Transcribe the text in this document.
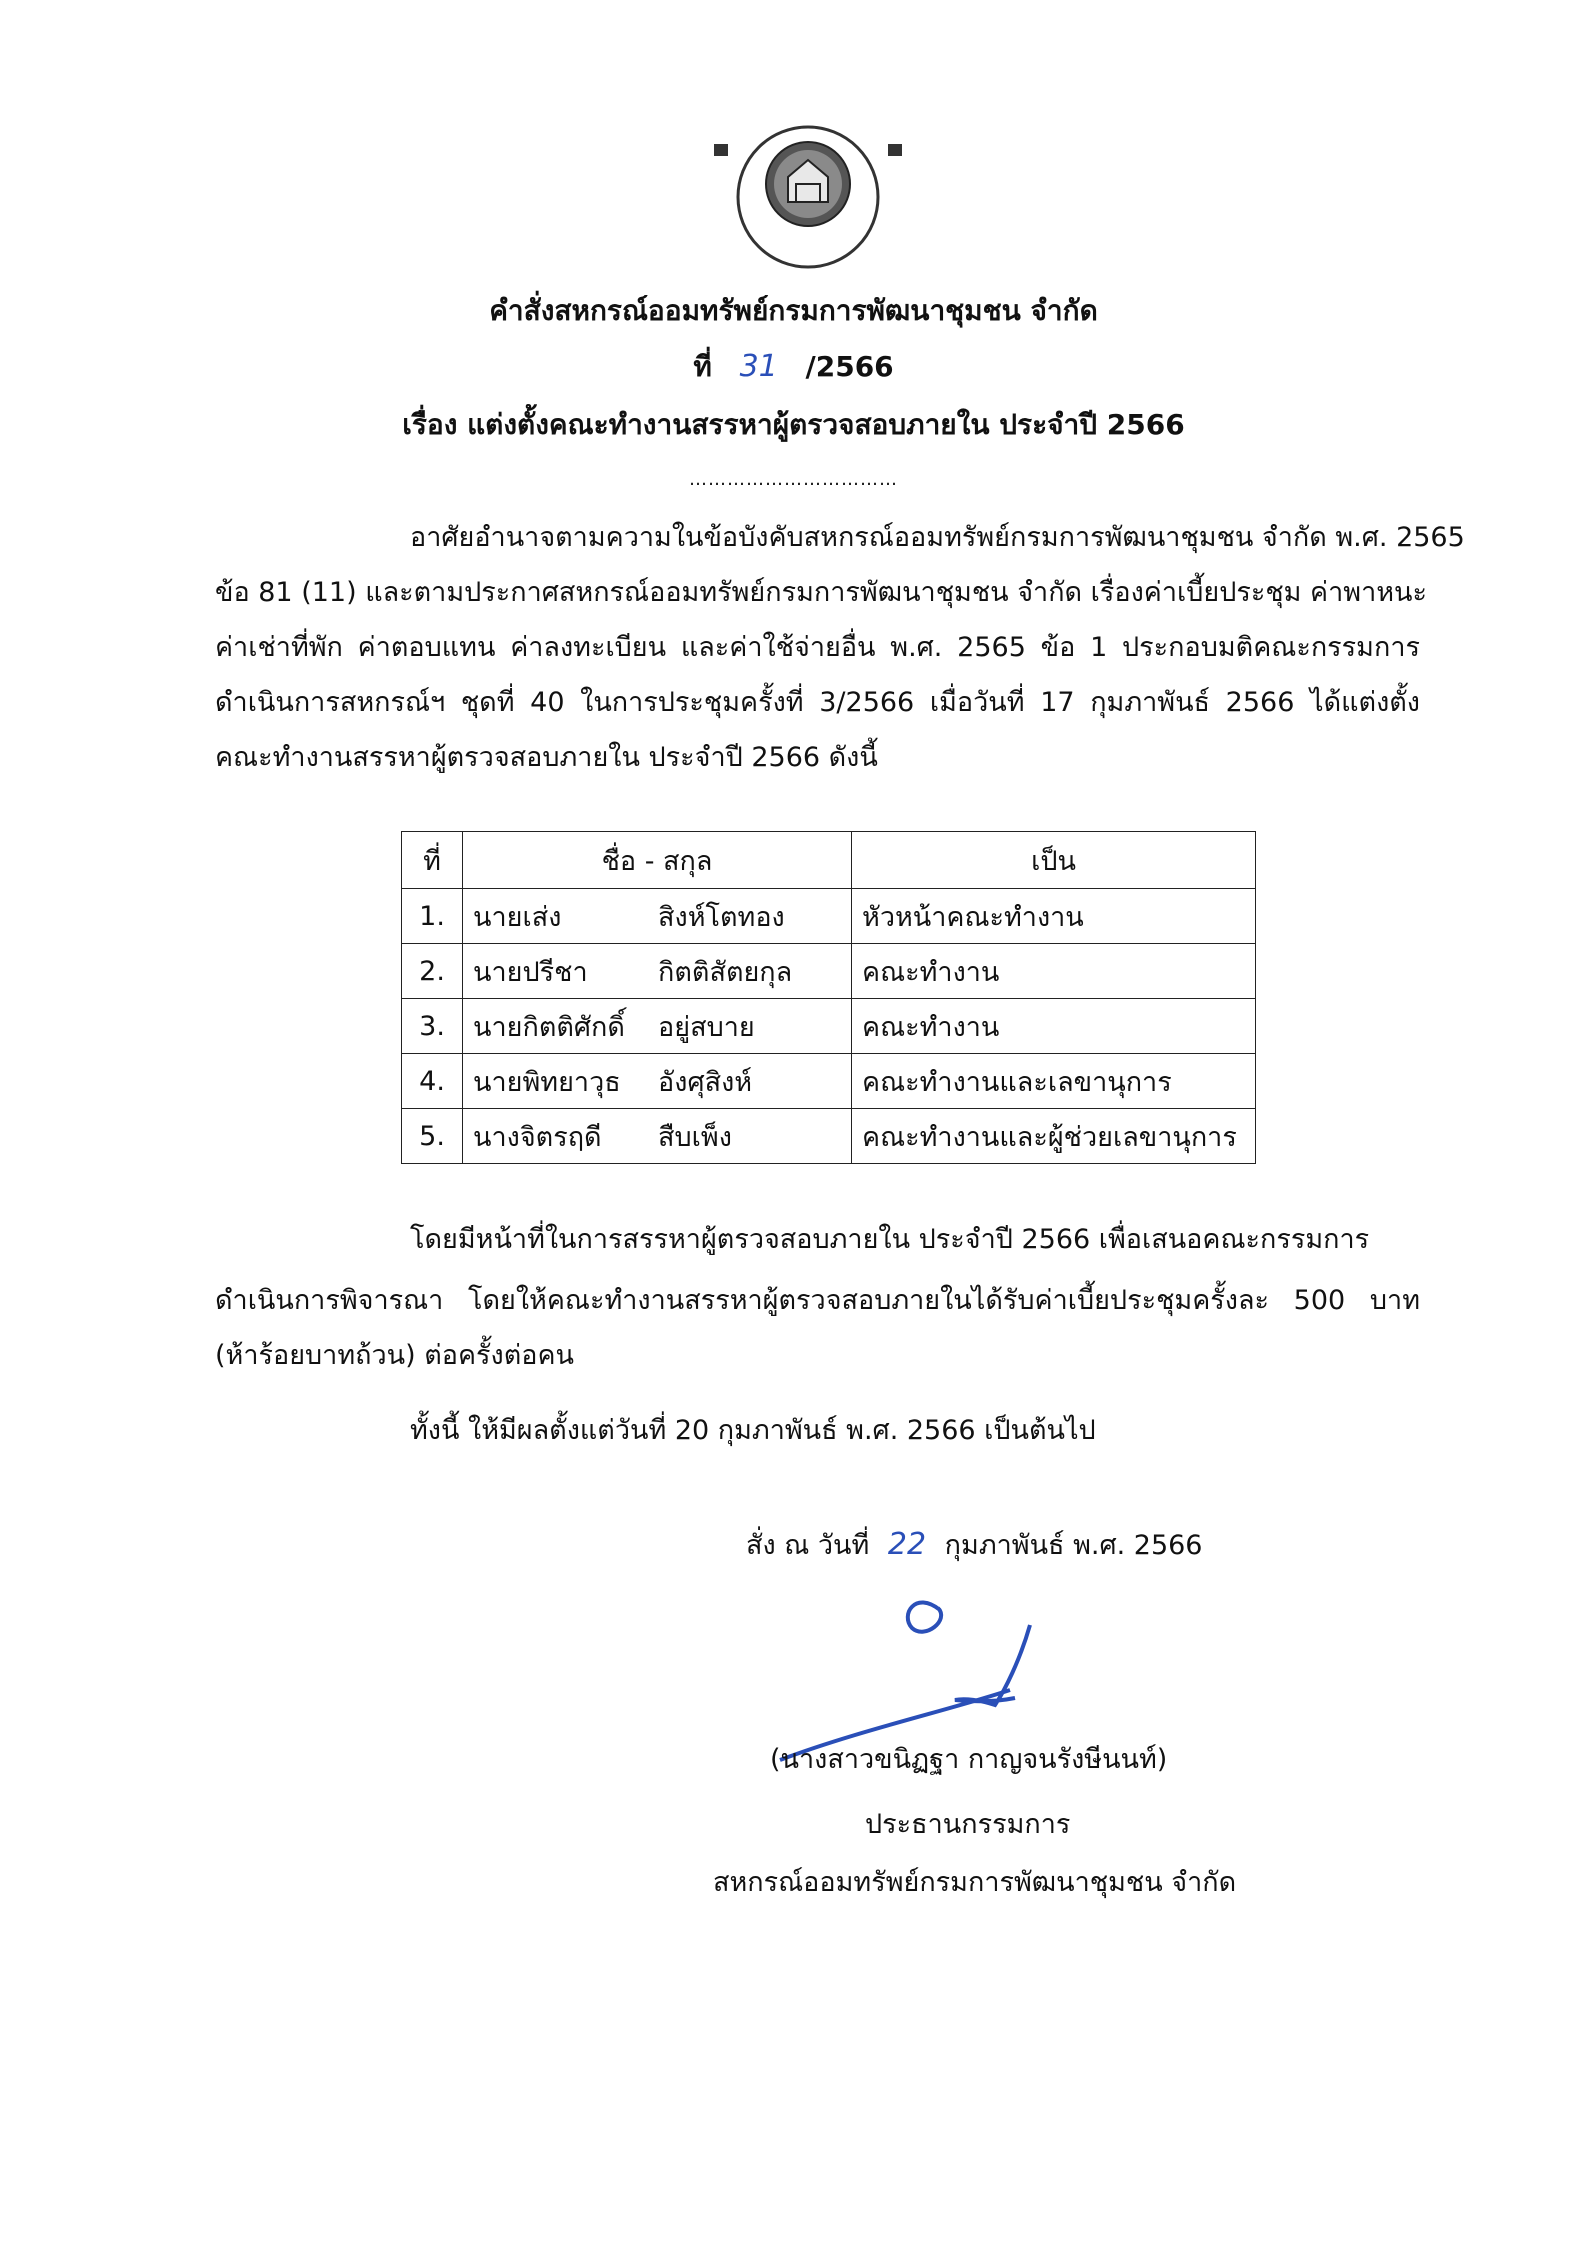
คำสั่งสหกรณ์ออมทรัพย์กรมการพัฒนาชุมชน จำกัด
ที่ 31 /2566
เรื่อง แต่งตั้งคณะทำงานสรรหาผู้ตรวจสอบภายใน ประจำปี 2566
……………………………
อาศัยอำนาจตามความในข้อบังคับสหกรณ์ออมทรัพย์กรมการพัฒนาชุมชน จำกัด พ.ศ. 2565
ข้อ 81 (11) และตามประกาศสหกรณ์ออมทรัพย์กรมการพัฒนาชุมชน จำกัด เรื่องค่าเบี้ยประชุม ค่าพาหนะ
ค่าเช่าที่พัก ค่าตอบแทน ค่าลงทะเบียน และค่าใช้จ่ายอื่น พ.ศ. 2565 ข้อ 1 ประกอบมติคณะกรรมการ
ดำเนินการสหกรณ์ฯ ชุดที่ 40 ในการประชุมครั้งที่ 3/2566 เมื่อวันที่ 17 กุมภาพันธ์ 2566 ได้แต่งตั้ง
คณะทำงานสรรหาผู้ตรวจสอบภายใน ประจำปี 2566 ดังนี้
ที่	ชื่อ - สกุล	เป็น
1.	นายเส่ง สิงห์โตทอง	หัวหน้าคณะทำงาน
2.	นายปรีชา กิตติสัตยกุล	คณะทำงาน
3.	นายกิตติศักดิ์ อยู่สบาย	คณะทำงาน
4.	นายพิทยาวุธ อังศุสิงห์	คณะทำงานและเลขานุการ
5.	นางจิตรฤดี สืบเพ็ง	คณะทำงานและผู้ช่วยเลขานุการ
โดยมีหน้าที่ในการสรรหาผู้ตรวจสอบภายใน ประจำปี 2566 เพื่อเสนอคณะกรรมการ
ดำเนินการพิจารณา โดยให้คณะทำงานสรรหาผู้ตรวจสอบภายในได้รับค่าเบี้ยประชุมครั้งละ 500 บาท
(ห้าร้อยบาทถ้วน) ต่อครั้งต่อคน
ทั้งนี้ ให้มีผลตั้งแต่วันที่ 20 กุมภาพันธ์ พ.ศ. 2566 เป็นต้นไป
สั่ง ณ วันที่ 22 กุมภาพันธ์ พ.ศ. 2566
(นางสาวขนิฏฐา กาญจนรังษีนนท์)
ประธานกรรมการ
สหกรณ์ออมทรัพย์กรมการพัฒนาชุมชน จำกัด
